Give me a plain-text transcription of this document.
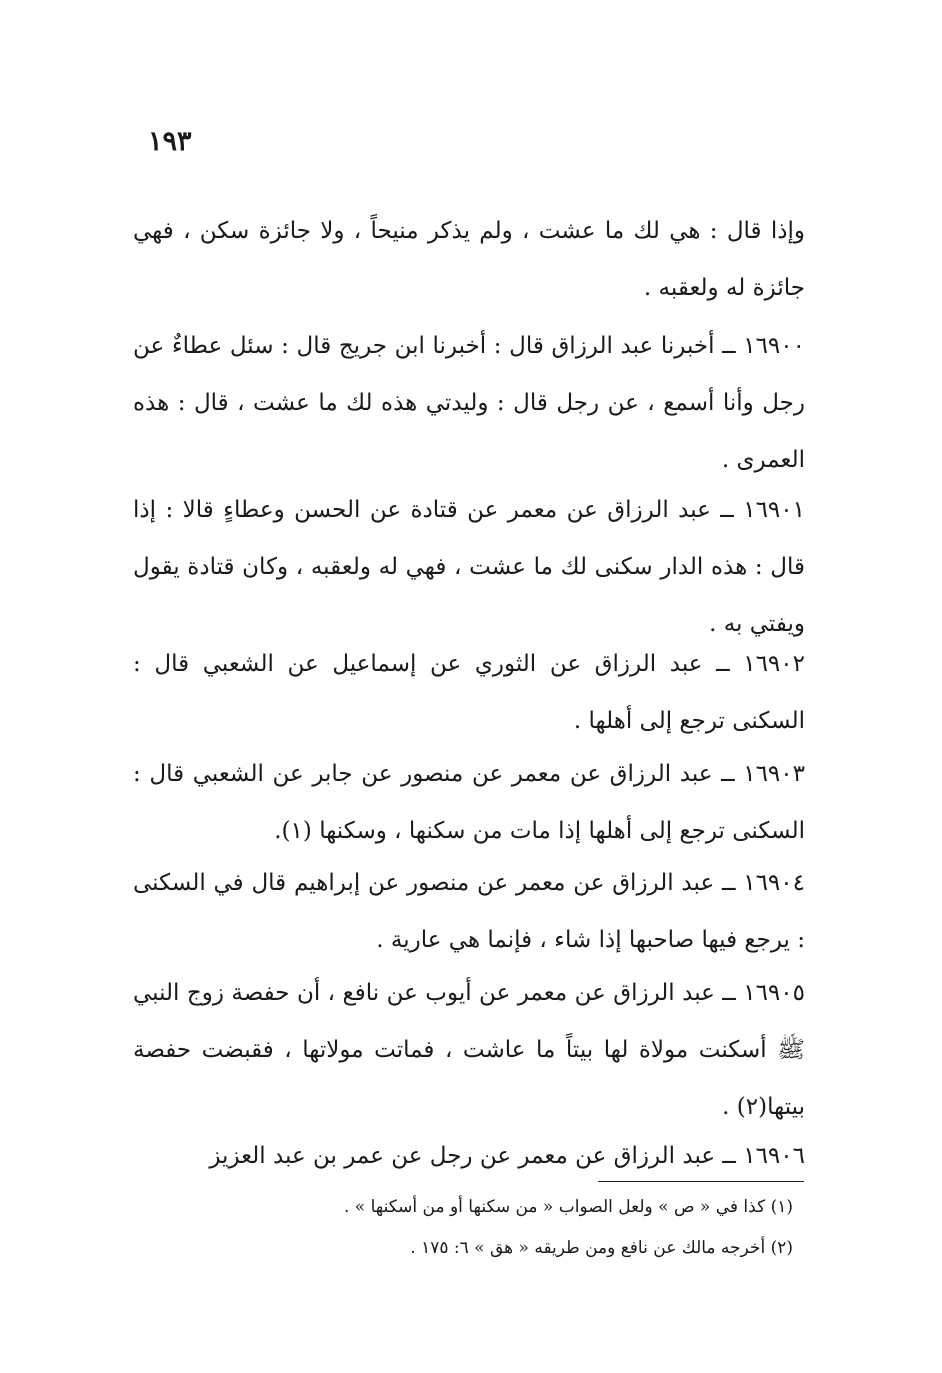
١٩٣

وإذا قال : هي لك ما عشت ، ولم يذكر منيحاً ، ولا جائزة سكن ، فهي جائزة له ولعقبه .

١٦٩٠٠ ــ أخبرنا عبد الرزاق قال : أخبرنا ابن جريج قال : سئل عطاءٌ عن رجل وأنا أسمع ، عن رجل قال : وليدتي هذه لك ما عشت ، قال : هذه العمرى .

١٦٩٠١ ــ عبد الرزاق عن معمر عن قتادة عن الحسن وعطاءٍ قالا : إذا قال : هذه الدار سكنى لك ما عشت ، فهي له ولعقبه ، وكان قتادة يقول ويفتي به .

١٦٩٠٢ ــ عبد الرزاق عن الثوري عن إسماعيل عن الشعبي قال : السكنى ترجع إلى أهلها .

١٦٩٠٣ ــ عبد الرزاق عن معمر عن منصور عن جابر عن الشعبي قال : السكنى ترجع إلى أهلها إذا مات من سكنها ، وسكنها (١).

١٦٩٠٤ ــ عبد الرزاق عن معمر عن منصور عن إبراهيم قال في السكنى : يرجع فيها صاحبها إذا شاء ، فإنما هي عارية .

١٦٩٠٥ ــ عبد الرزاق عن معمر عن أيوب عن نافع ، أن حفصة زوج النبي ﷺ أسكنت مولاة لها بيتاً ما عاشت ، فماتت مولاتها ، فقبضت حفصة بيتها(٢) .

١٦٩٠٦ ــ عبد الرزاق عن معمر عن رجل عن عمر بن عبد العزيز

(١) كذا في « ص » ولعل الصواب « من سكنها أو من أسكنها » .

(٢) أخرجه مالك عن نافع ومن طريقه « هق » ٦: ١٧٥ .
